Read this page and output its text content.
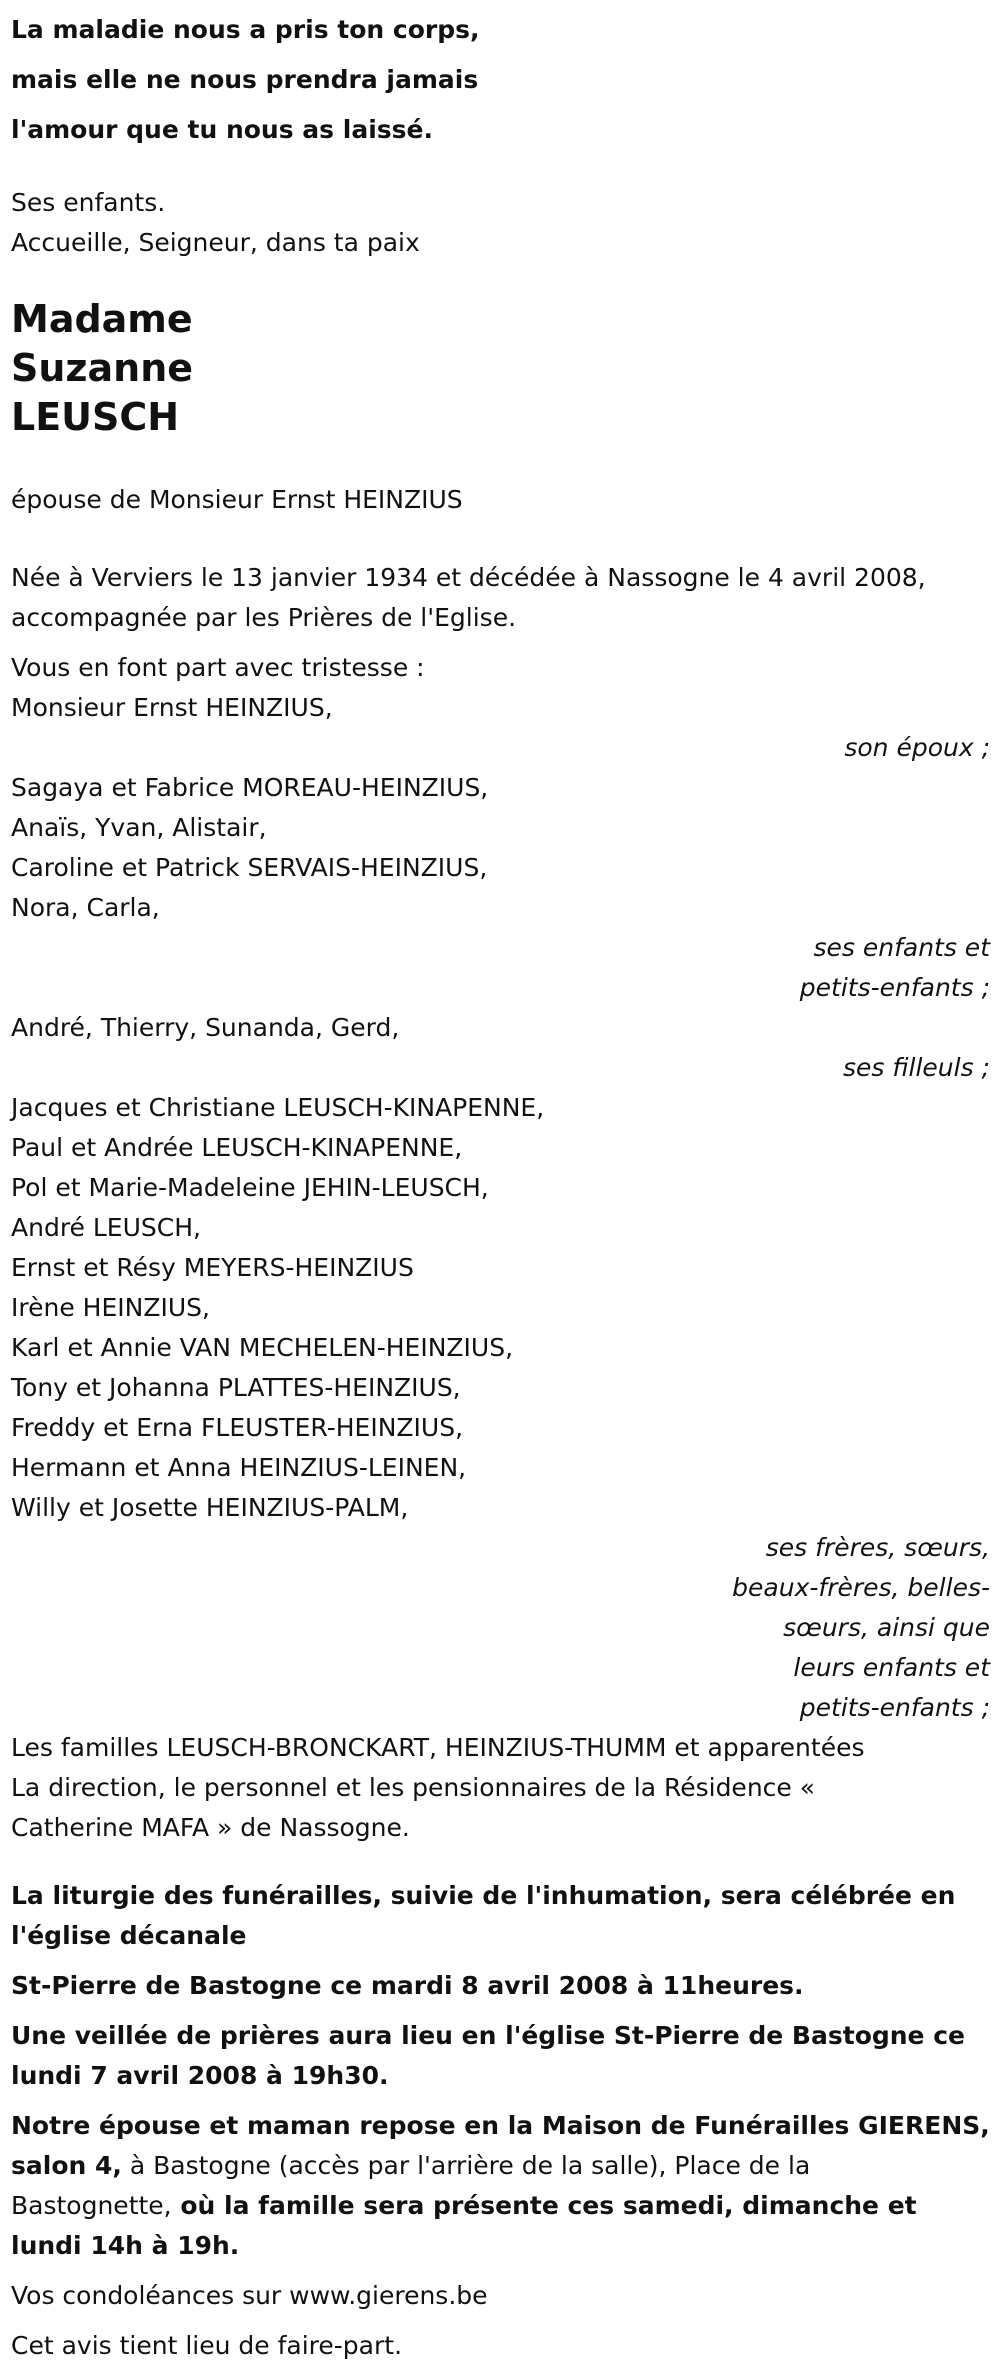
La maladie nous a pris ton corps,

mais elle ne nous prendra jamais

l'amour que tu nous as laissé.

Ses enfants.

Accueille, Seigneur, dans ta paix

Madame

Suzanne

LEUSCH

épouse de Monsieur Ernst HEINZIUS

Née à Verviers le 13 janvier 1934 et décédée à Nassogne le 4 avril 2008,

accompagnée par les Prières de l'Eglise.

Vous en font part avec tristesse :

Monsieur Ernst HEINZIUS,

son époux ;

Sagaya et Fabrice MOREAU-HEINZIUS,

Anaïs, Yvan, Alistair,

Caroline et Patrick SERVAIS-HEINZIUS,

Nora, Carla,

ses enfants et

petits-enfants ;

André, Thierry, Sunanda, Gerd,

ses filleuls ;

Jacques et Christiane LEUSCH-KINAPENNE,

Paul et Andrée LEUSCH-KINAPENNE,

Pol et Marie-Madeleine JEHIN-LEUSCH,

André LEUSCH,

Ernst et Résy MEYERS-HEINZIUS

Irène HEINZIUS,

Karl et Annie VAN MECHELEN-HEINZIUS,

Tony et Johanna PLATTES-HEINZIUS,

Freddy et Erna FLEUSTER-HEINZIUS,

Hermann et Anna HEINZIUS-LEINEN,

Willy et Josette HEINZIUS-PALM,

ses frères, sœurs,

beaux-frères, belles-

sœurs, ainsi que

leurs enfants et

petits-enfants ;

Les familles LEUSCH-BRONCKART, HEINZIUS-THUMM et apparentées

La direction, le personnel et les pensionnaires de la Résidence «

Catherine MAFA » de Nassogne.

La liturgie des funérailles, suivie de l'inhumation, sera célébrée en

l'église décanale

St-Pierre de Bastogne ce mardi 8 avril 2008 à 11heures.

Une veillée de prières aura lieu en l'église St-Pierre de Bastogne ce

lundi 7 avril 2008 à 19h30.

Notre épouse et maman repose en la Maison de Funérailles GIERENS,

salon 4, à Bastogne (accès par l'arrière de la salle), Place de la

Bastognette, où la famille sera présente ces samedi, dimanche et

lundi 14h à 19h.

Vos condoléances sur www.gierens.be

Cet avis tient lieu de faire-part.
